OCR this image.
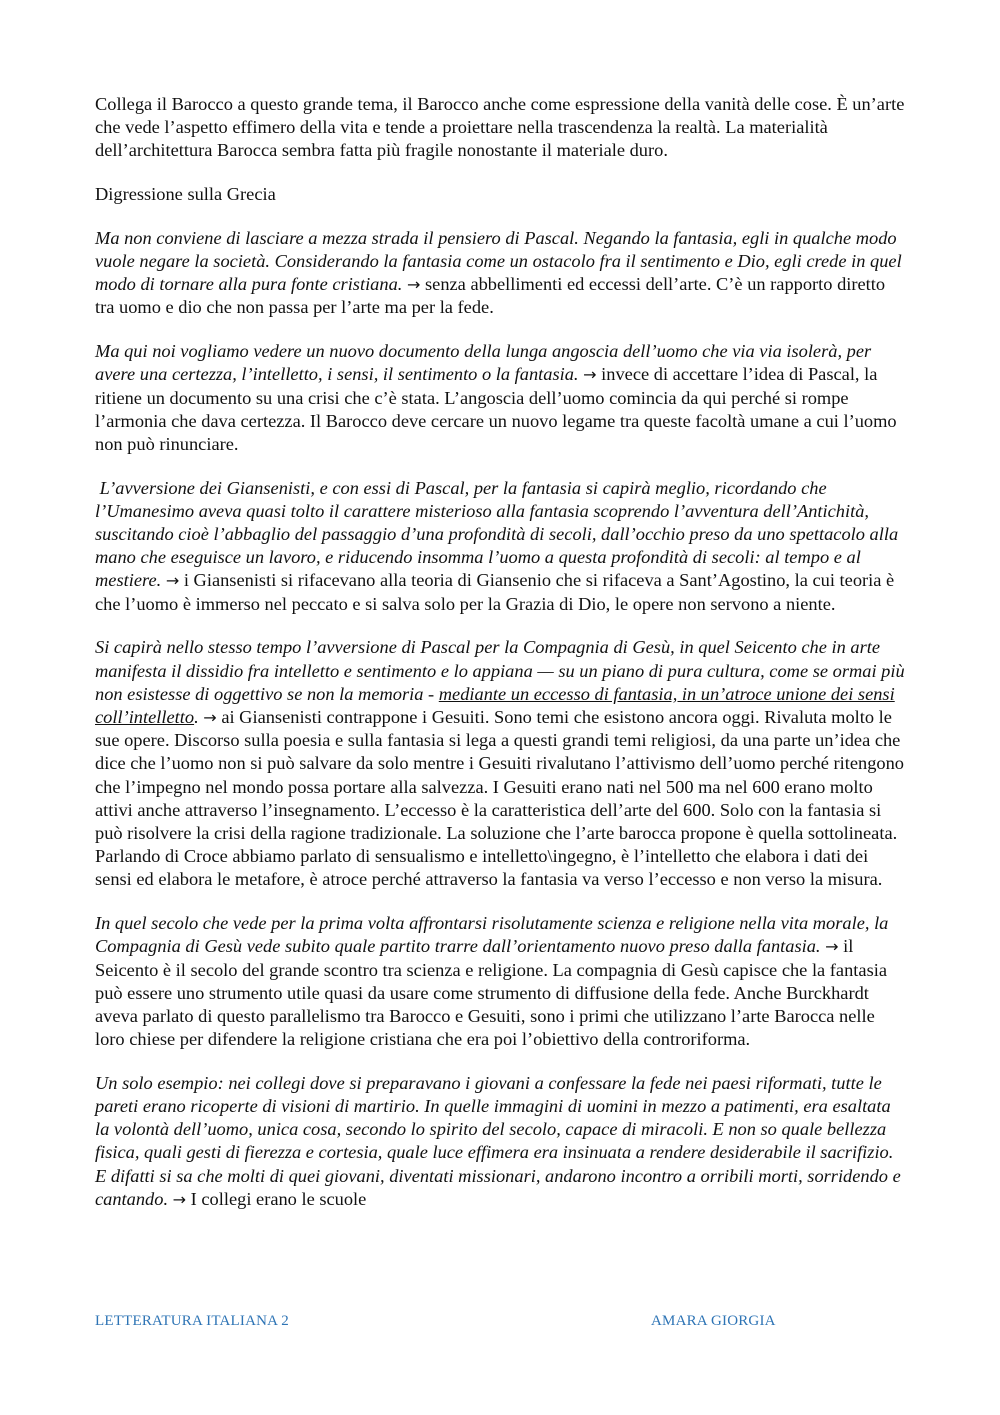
Collega il Barocco a questo grande tema, il Barocco anche come espressione della vanità delle cose. È un’arte che vede l’aspetto effimero della vita e tende a proiettare nella trascendenza la realtà. La materialità dell’architettura Barocca sembra fatta più fragile nonostante il materiale duro.

Digressione sulla Grecia

Ma non conviene di lasciare a mezza strada il pensiero di Pascal. Negando la fantasia, egli in qualche modo vuole negare la società. Considerando la fantasia come un ostacolo fra il sentimento e Dio, egli crede in quel modo di tornare alla pura fonte cristiana. → senza abbellimenti ed eccessi dell’arte. C’è un rapporto diretto tra uomo e dio che non passa per l’arte ma per la fede.

Ma qui noi vogliamo vedere un nuovo documento della lunga angoscia dell’uomo che via via isolerà, per avere una certezza, l’intelletto, i sensi, il sentimento o la fantasia. → invece di accettare l’idea di Pascal, la ritiene un documento su una crisi che c’è stata. L’angoscia dell’uomo comincia da qui perché si rompe l’armonia che dava certezza. Il Barocco deve cercare un nuovo legame tra queste facoltà umane a cui l’uomo non può rinunciare.

L’avversione dei Giansenisti, e con essi di Pascal, per la fantasia si capirà meglio, ricordando che l’Umanesimo aveva quasi tolto il carattere misterioso alla fantasia scoprendo l’avventura dell’Antichità, suscitando cioè l’abbaglio del passaggio d’una profondità di secoli, dall’occhio preso da uno spettacolo alla mano che eseguisce un lavoro, e riducendo insomma l’uomo a questa profondità di secoli: al tempo e al mestiere. → i Giansenisti si rifacevano alla teoria di Giansenio che si rifaceva a Sant’Agostino, la cui teoria è che l’uomo è immerso nel peccato e si salva solo per la Grazia di Dio, le opere non servono a niente.

Si capirà nello stesso tempo l’avversione di Pascal per la Compagnia di Gesù, in quel Seicento che in arte manifesta il dissidio fra intelletto e sentimento e lo appiana — su un piano di pura cultura, come se ormai più non esistesse di oggettivo se non la memoria - mediante un eccesso di fantasia, in un’atroce unione dei sensi coll’intelletto. → ai Giansenisti contrappone i Gesuiti. Sono temi che esistono ancora oggi. Rivaluta molto le sue opere. Discorso sulla poesia e sulla fantasia si lega a questi grandi temi religiosi, da una parte un’idea che dice che l’uomo non si può salvare da solo mentre i Gesuiti rivalutano l’attivismo dell’uomo perché ritengono che l’impegno nel mondo possa portare alla salvezza. I Gesuiti erano nati nel 500 ma nel 600 erano molto attivi anche attraverso l’insegnamento. L’eccesso è la caratteristica dell’arte del 600. Solo con la fantasia si può risolvere la crisi della ragione tradizionale. La soluzione che l’arte barocca propone è quella sottolineata. Parlando di Croce abbiamo parlato di sensualismo e intelletto\ingegno, è l’intelletto che elabora i dati dei sensi ed elabora le metafore, è atroce perché attraverso la fantasia va verso l’eccesso e non verso la misura.

In quel secolo che vede per la prima volta affrontarsi risolutamente scienza e religione nella vita morale, la Compagnia di Gesù vede subito quale partito trarre dall’orientamento nuovo preso dalla fantasia. → il Seicento è il secolo del grande scontro tra scienza e religione. La compagnia di Gesù capisce che la fantasia può essere uno strumento utile quasi da usare come strumento di diffusione della fede. Anche Burckhardt aveva parlato di questo parallelismo tra Barocco e Gesuiti, sono i primi che utilizzano l’arte Barocca nelle loro chiese per difendere la religione cristiana che era poi l’obiettivo della controriforma.

Un solo esempio: nei collegi dove si preparavano i giovani a confessare la fede nei paesi riformati, tutte le pareti erano ricoperte di visioni di martirio. In quelle immagini di uomini in mezzo a patimenti, era esaltata la volontà dell’uomo, unica cosa, secondo lo spirito del secolo, capace di miracoli. E non so quale bellezza fisica, quali gesti di fierezza e cortesia, quale luce effimera era insinuata a rendere desiderabile il sacrifizio. E difatti si sa che molti di quei giovani, diventati missionari, andarono incontro a orribili morti, sorridendo e cantando. → I collegi erano le scuole

LETTERATURA ITALIANA 2	AMARA GIORGIA
